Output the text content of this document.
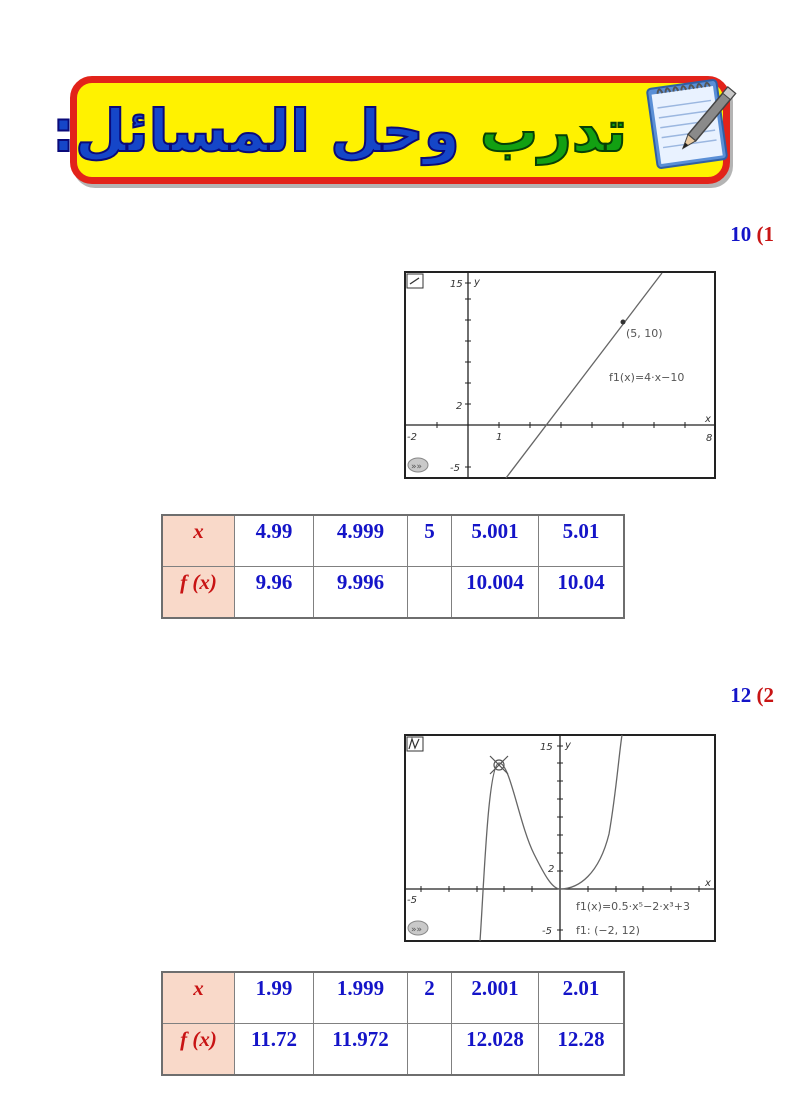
تدرب وحل المسائل:
10 (1
15 y
2
-5
-2	1	8
x
(5, 10)
f1(x)=4·x−10
»»
x	4.99	4.999	5	5.001	5.01
f (x)	9.96	9.996		10.004	10.04
12 (2
15 y
2
-5
-5
x
f1(x)=0.5·x⁵−2·x³+3
f1: (−2, 12)
»»
x	1.99	1.999	2	2.001	2.01
f (x)	11.72	11.972		12.028	12.28
